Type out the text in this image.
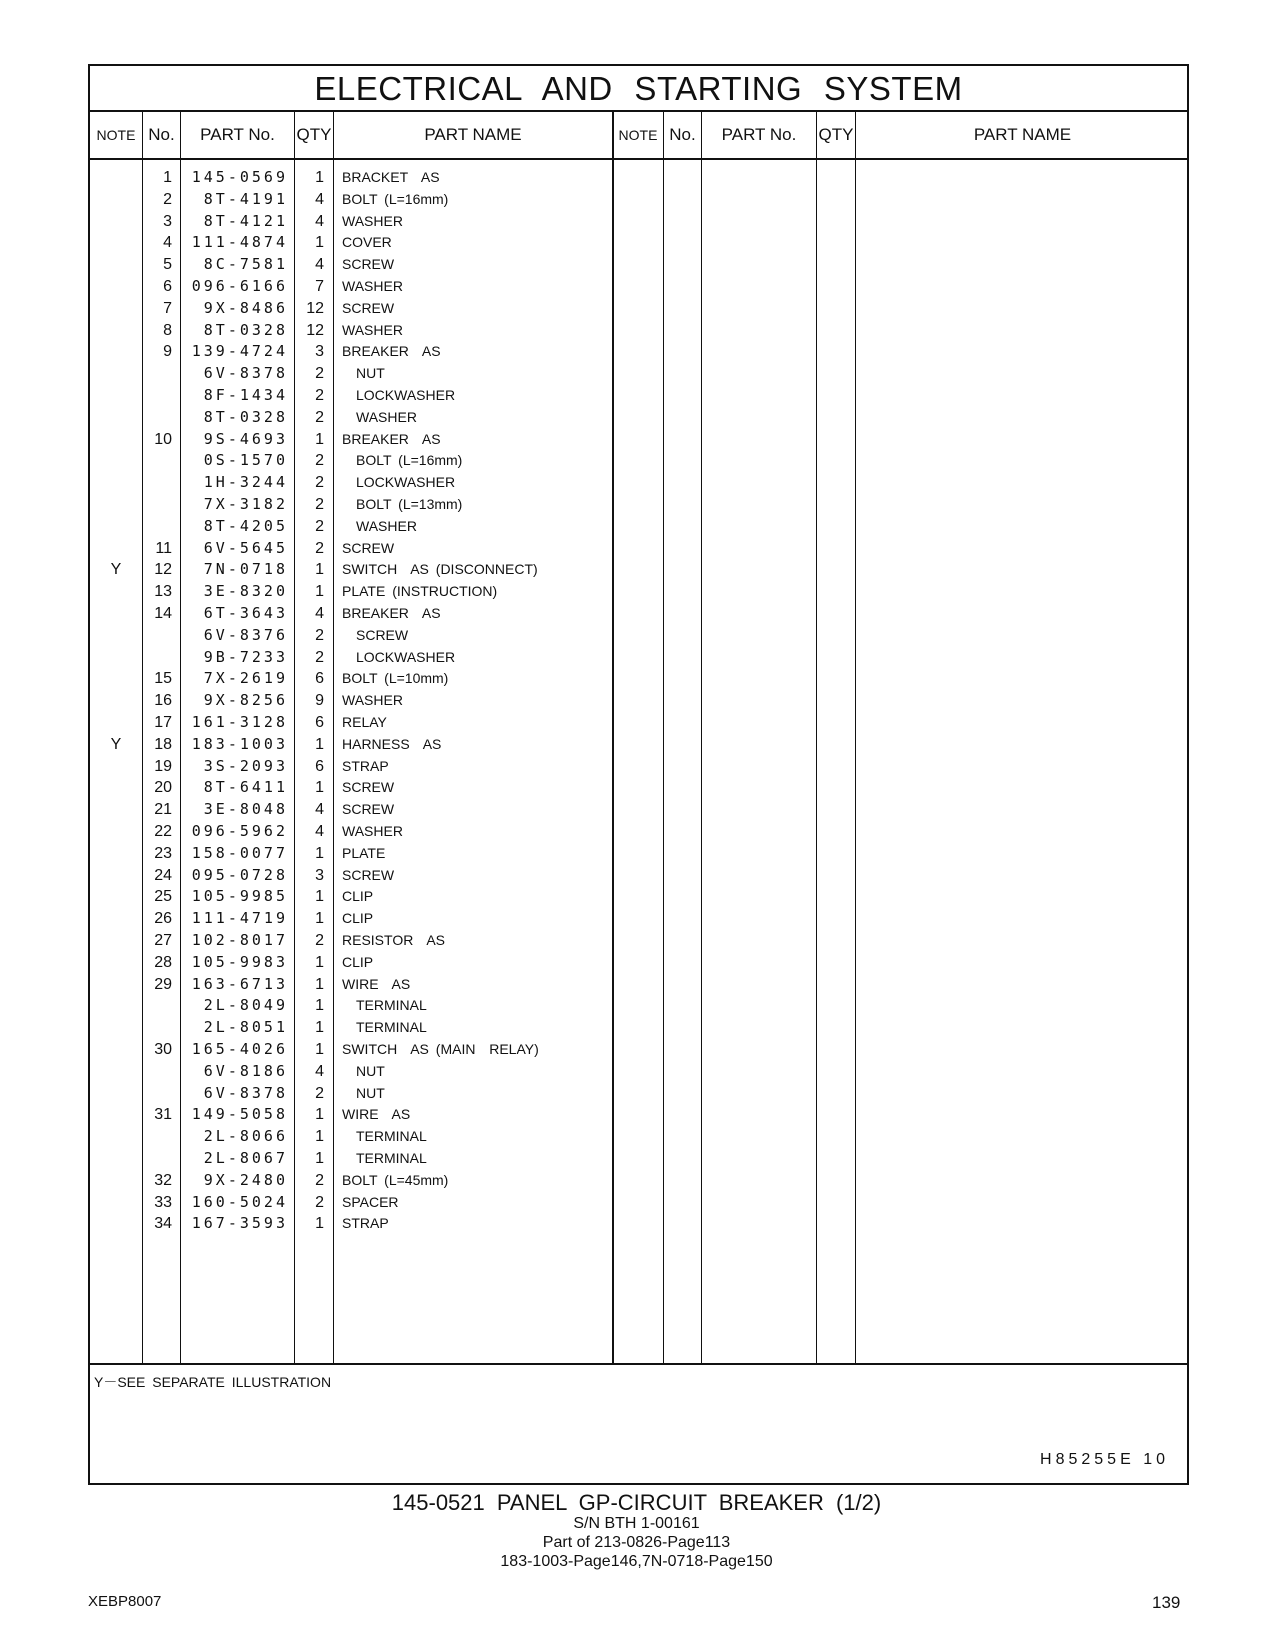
ELECTRICAL AND STARTING SYSTEM
NOTE No.	PART No.	QTY	PART NAME	NOTE No.	PART No.	QTY	PART NAME
1	145-0569	1 BRACKET  AS
2	8T-4191	4 BOLT (L=16mm)
3	8T-4121	4 WASHER
4	111-4874	1 COVER
5	8C-7581	4 SCREW
6	096-6166	7 WASHER
7	9X-8486	12 SCREW
8	8T-0328	12 WASHER
9	139-4724	3 BREAKER  AS
6V-8378	2 NUT
8F-1434	2 LOCKWASHER
8T-0328	2 WASHER
10	9S-4693	1 BREAKER  AS
0S-1570	2 BOLT (L=16mm)
1H-3244	2 LOCKWASHER
7X-3182	2 BOLT (L=13mm)
8T-4205	2 WASHER
11	6V-5645	2 SCREW
Y	12	7N-0718	1 SWITCH  AS (DISCONNECT)
13	3E-8320	1 PLATE (INSTRUCTION)
14	6T-3643	4 BREAKER  AS
6V-8376	2 SCREW
9B-7233	2 LOCKWASHER
15	7X-2619	6 BOLT (L=10mm)
16	9X-8256	9 WASHER
17	161-3128	6 RELAY
Y	18	183-1003	1 HARNESS  AS
19	3S-2093	6 STRAP
20	8T-6411	1 SCREW
21	3E-8048	4 SCREW
22	096-5962	4 WASHER
23	158-0077	1 PLATE
24	095-0728	3 SCREW
25	105-9985	1 CLIP
26	111-4719	1 CLIP
27	102-8017	2 RESISTOR  AS
28	105-9983	1 CLIP
29	163-6713	1 WIRE  AS
2L-8049	1 TERMINAL
2L-8051	1 TERMINAL
30	165-4026	1 SWITCH  AS (MAIN  RELAY)
6V-8186	4 NUT
6V-8378	2 NUT
31	149-5058	1 WIRE  AS
2L-8066	1 TERMINAL
2L-8067	1 TERMINAL
32	9X-2480	2 BOLT (L=45mm)
33	160-5024	2 SPACER
34	167-3593	1 STRAP
Y－SEE SEPARATE ILLUSTRATION
H85255E 10
145-0521 PANEL GP-CIRCUIT BREAKER (1/2)
S/N BTH 1-00161
Part of 213-0826-Page113
183-1003-Page146,7N-0718-Page150
XEBP8007	139
